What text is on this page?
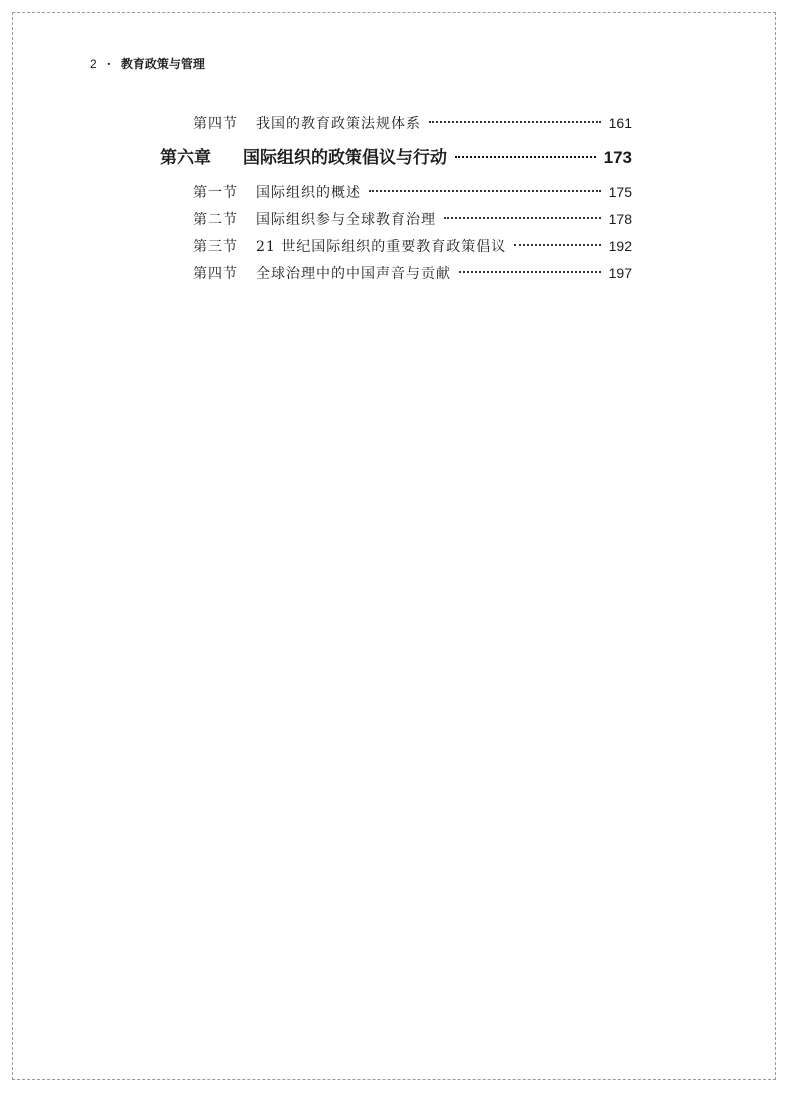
2 · 教育政策与管理
第四节	我国的教育政策法规体系	161
第六章	国际组织的政策倡议与行动	173
第一节	国际组织的概述	175
第二节	国际组织参与全球教育治理	178
第三节	21 世纪国际组织的重要教育政策倡议	192
第四节	全球治理中的中国声音与贡献	197
